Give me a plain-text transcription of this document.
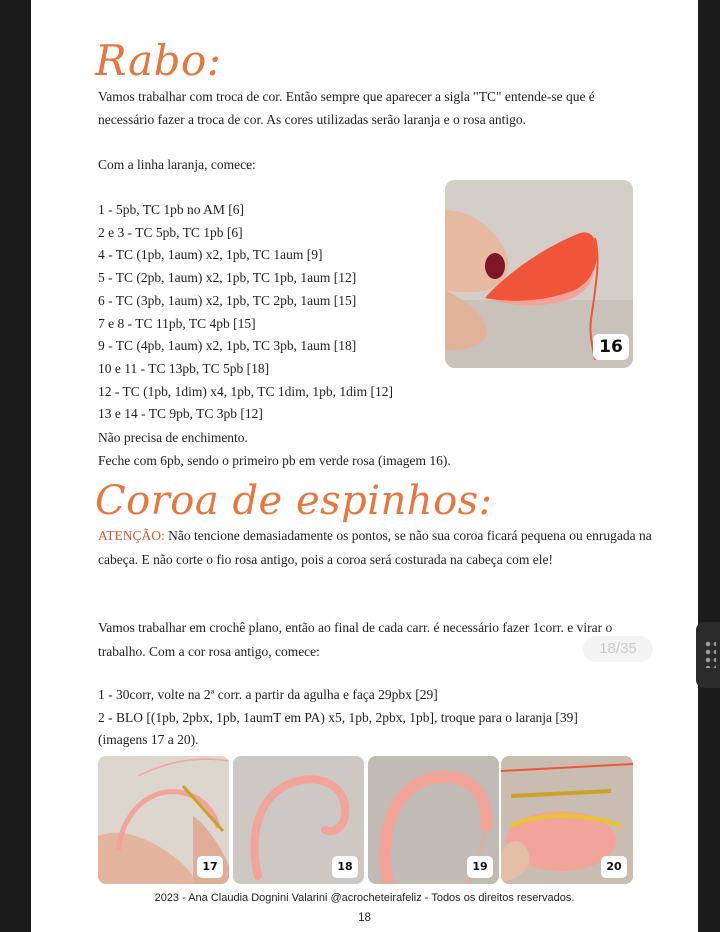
Rabo:
Vamos trabalhar com troca de cor. Então sempre que aparecer a sigla "TC" entende-se que é necessário fazer a troca de cor. As cores utilizadas serão laranja e o rosa antigo.
Com a linha laranja, comece:
1 - 5pb, TC 1pb no AM [6]
2 e 3 - TC 5pb, TC 1pb [6]
4 - TC (1pb, 1aum) x2, 1pb, TC 1aum [9]
5 - TC (2pb, 1aum) x2, 1pb, TC 1pb, 1aum [12]
6 - TC (3pb, 1aum) x2, 1pb, TC 2pb, 1aum [15]
7 e 8 - TC 11pb, TC 4pb [15]
9 - TC (4pb, 1aum) x2, 1pb, TC 3pb, 1aum [18]
10 e 11 - TC 13pb, TC 5pb [18]
12 - TC (1pb, 1dim) x4, 1pb, TC 1dim, 1pb, 1dim [12]
13 e 14 - TC 9pb, TC 3pb [12]
Não precisa de enchimento.
Feche com 6pb, sendo o primeiro pb em verde rosa (imagem 16).
16
Coroa de espinhos:
ATENÇÃO: Não tencione demasiadamente os pontos, se não sua coroa ficará pequena ou enrugada na cabeça. E não corte o fio rosa antigo, pois a coroa será costurada na cabeça com ele!
Vamos trabalhar em crochê plano, então ao final de cada carr. é necessário fazer 1corr. e virar o trabalho. Com a cor rosa antigo, comece:
1 - 30corr, volte na 2ª corr. a partir da agulha e faça 29pbx [29]
2 - BLO [(1pb, 2pbx, 1pb, 1aumT em PA) x5, 1pb, 2pbx, 1pb], troque para o laranja [39]
(imagens 17 a 20).
17	18	19	20
2023 - Ana Claudia Dognini Valarini @acrocheteirafeliz - Todos os direitos reservados.
18
18/35
